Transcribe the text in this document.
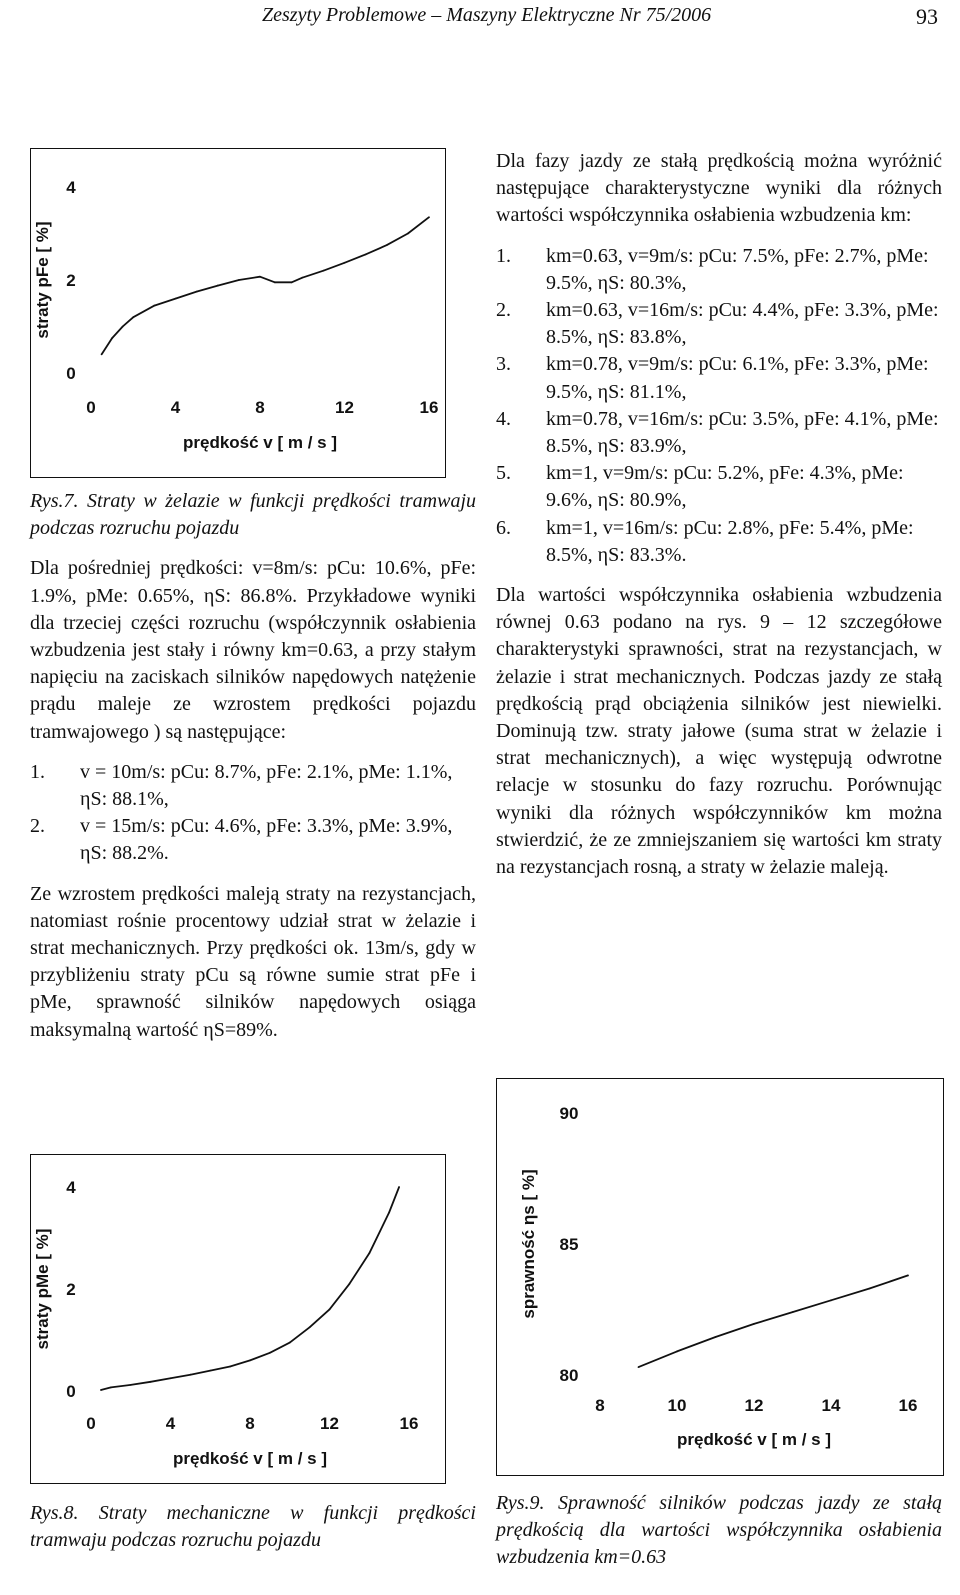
Zeszyty Problemowe – Maszyny Elektryczne Nr 75/2006	93
0
2
4
0	4	8	12	16
prędkość v [ m / s ]
straty pFe [ %]

Rys.7. Straty w żelazie w funkcji prędkości tramwaju podczas rozruchu pojazdu

Dla pośredniej prędkości: v=8m/s: pCu: 10.6%, pFe: 1.9%, pMe: 0.65%, ηS: 86.8%. Przykładowe wyniki dla trzeciej części rozruchu (współczynnik osłabienia wzbudzenia jest stały i równy km=0.63, a przy stałym napięciu na zaciskach silników napędowych natężenie prądu maleje ze wzrostem prędkości pojazdu tramwajowego ) są następujące:

1.	v = 10m/s: pCu: 8.7%, pFe: 2.1%, pMe: 1.1%, ηS: 88.1%,
2.	v = 15m/s: pCu: 4.6%, pFe: 3.3%, pMe: 3.9%, ηS: 88.2%.

Ze wzrostem prędkości maleją straty na rezystancjach, natomiast rośnie procentowy udział strat w żelazie i strat mechanicznych. Przy prędkości ok. 13m/s, gdy w przybliżeniu straty pCu są równe sumie strat pFe i pMe, sprawność silników napędowych osiąga maksymalną wartość ηS=89%.

0
2
4
0	4	8	12	16
prędkość v [ m / s ]
straty pMe [ %]

Rys.8. Straty mechaniczne w funkcji prędkości tramwaju podczas rozruchu pojazdu

Dla fazy jazdy ze stałą prędkością można wyróżnić następujące charakterystyczne wyniki dla różnych wartości współczynnika osłabienia wzbudzenia km:

1.	km=0.63, v=9m/s: pCu: 7.5%, pFe: 2.7%, pMe: 9.5%, ηS: 80.3%,
2.	km=0.63, v=16m/s: pCu: 4.4%, pFe: 3.3%, pMe: 8.5%, ηS: 83.8%,
3.	km=0.78, v=9m/s: pCu: 6.1%, pFe: 3.3%, pMe: 9.5%, ηS: 81.1%,
4.	km=0.78, v=16m/s: pCu: 3.5%, pFe: 4.1%, pMe: 8.5%, ηS: 83.9%,
5.	km=1, v=9m/s: pCu: 5.2%, pFe: 4.3%, pMe: 9.6%, ηS: 80.9%,
6.	km=1, v=16m/s: pCu: 2.8%, pFe: 5.4%, pMe: 8.5%, ηS: 83.3%.

Dla wartości współczynnika osłabienia wzbudzenia równej 0.63 podano na rys. 9 – 12 szczegółowe charakterystyki sprawności, strat na rezystancjach, w żelazie i strat mechanicznych. Podczas jazdy ze stałą prędkością prąd obciążenia silników jest niewielki. Dominują tzw. straty jałowe (suma strat w żelazie i strat mechanicznych), a więc występują odwrotne relacje w stosunku do fazy rozruchu. Porównując wyniki dla różnych współczynników km można stwierdzić, że ze zmniejszaniem się wartości km straty na rezystancjach rosną, a straty w żelazie maleją.

80
85
90
8	10	12	14	16
prędkość v [ m / s ]
sprawność ηs [ %]

Rys.9. Sprawność silników podczas jazdy ze stałą prędkością dla wartości współczynnika osłabienia wzbudzenia km=0.63
